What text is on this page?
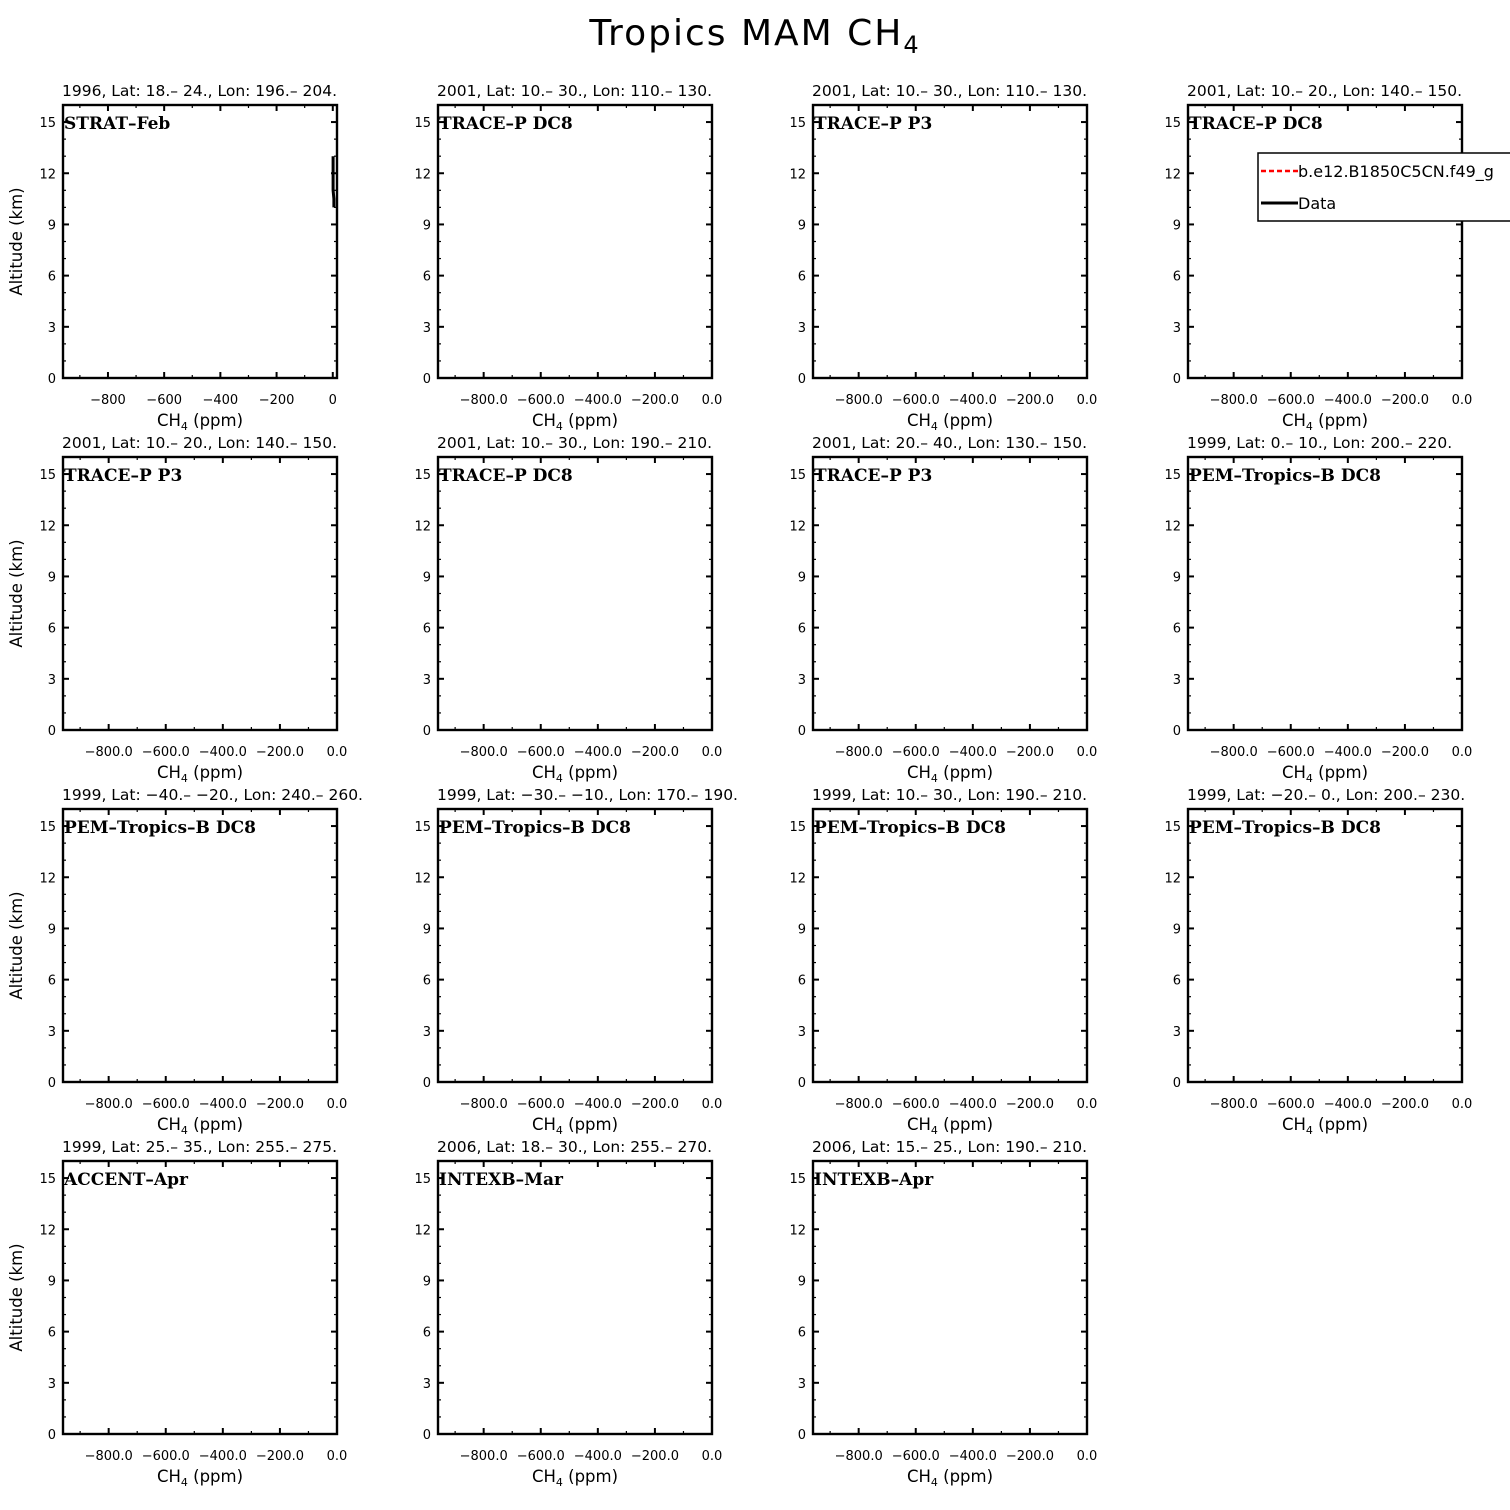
Tropics MAM $CH_4$
1996, Lat: 18.– 24., Lon: 196.– 204.
0
3
6
9
12
15
−800 −600 −400 −200	0
STRAT–Feb
$CH_4$ (ppm)
Altitude (km)
2001, Lat: 10.– 30., Lon: 110.– 130.
0
3
6
9
12
15
−800.0 −600.0 −400.0 −200.0 0.0
TRACE–P DC8
$CH_4$ (ppm)
2001, Lat: 10.– 30., Lon: 110.– 130.
0
3
6
9
12
15
−800.0 −600.0 −400.0 −200.0 0.0
TRACE–P P3
$CH_4$ (ppm)
2001, Lat: 10.– 20., Lon: 140.– 150.
0
3
6
9
12
15
−800.0 −600.0 −400.0 −200.0 0.0
TRACE–P DC8
$CH_4$ (ppm)
b.e12.B1850C5CN.f49_g
Data
2001, Lat: 10.– 20., Lon: 140.– 150.
0
3
6
9
12
15
−800.0 −600.0 −400.0 −200.0 0.0
TRACE–P P3
$CH_4$ (ppm)
Altitude (km)
2001, Lat: 10.– 30., Lon: 190.– 210.
0
3
6
9
12
15
−800.0 −600.0 −400.0 −200.0 0.0
TRACE–P DC8
$CH_4$ (ppm)
2001, Lat: 20.– 40., Lon: 130.– 150.
0
3
6
9
12
15
−800.0 −600.0 −400.0 −200.0 0.0
TRACE–P P3
$CH_4$ (ppm)
1999, Lat: 0.– 10., Lon: 200.– 220.
0
3
6
9
12
15
−800.0 −600.0 −400.0 −200.0 0.0
PEM–Tropics–B DC8
$CH_4$ (ppm)
1999, Lat: −40.– −20., Lon: 240.– 260.
0
3
6
9
12
15
−800.0 −600.0 −400.0 −200.0 0.0
PEM–Tropics–B DC8
$CH_4$ (ppm)
Altitude (km)
1999, Lat: −30.– −10., Lon: 170.– 190.
0
3
6
9
12
15
−800.0 −600.0 −400.0 −200.0 0.0
PEM–Tropics–B DC8
$CH_4$ (ppm)
1999, Lat: 10.– 30., Lon: 190.– 210.
0
3
6
9
12
15
−800.0 −600.0 −400.0 −200.0 0.0
PEM–Tropics–B DC8
$CH_4$ (ppm)
1999, Lat: −20.– 0., Lon: 200.– 230.
0
3
6
9
12
15
−800.0 −600.0 −400.0 −200.0 0.0
PEM–Tropics–B DC8
$CH_4$ (ppm)
1999, Lat: 25.– 35., Lon: 255.– 275.
0
3
6
9
12
15
−800.0 −600.0 −400.0 −200.0 0.0
ACCENT–Apr
$CH_4$ (ppm)
Altitude (km)
2006, Lat: 18.– 30., Lon: 255.– 270.
0
3
6
9
12
15
−800.0 −600.0 −400.0 −200.0 0.0
INTEXB–Mar
$CH_4$ (ppm)
2006, Lat: 15.– 25., Lon: 190.– 210.
0
3
6
9
12
15
−800.0 −600.0 −400.0 −200.0 0.0
INTEXB–Apr
$CH_4$ (ppm)
